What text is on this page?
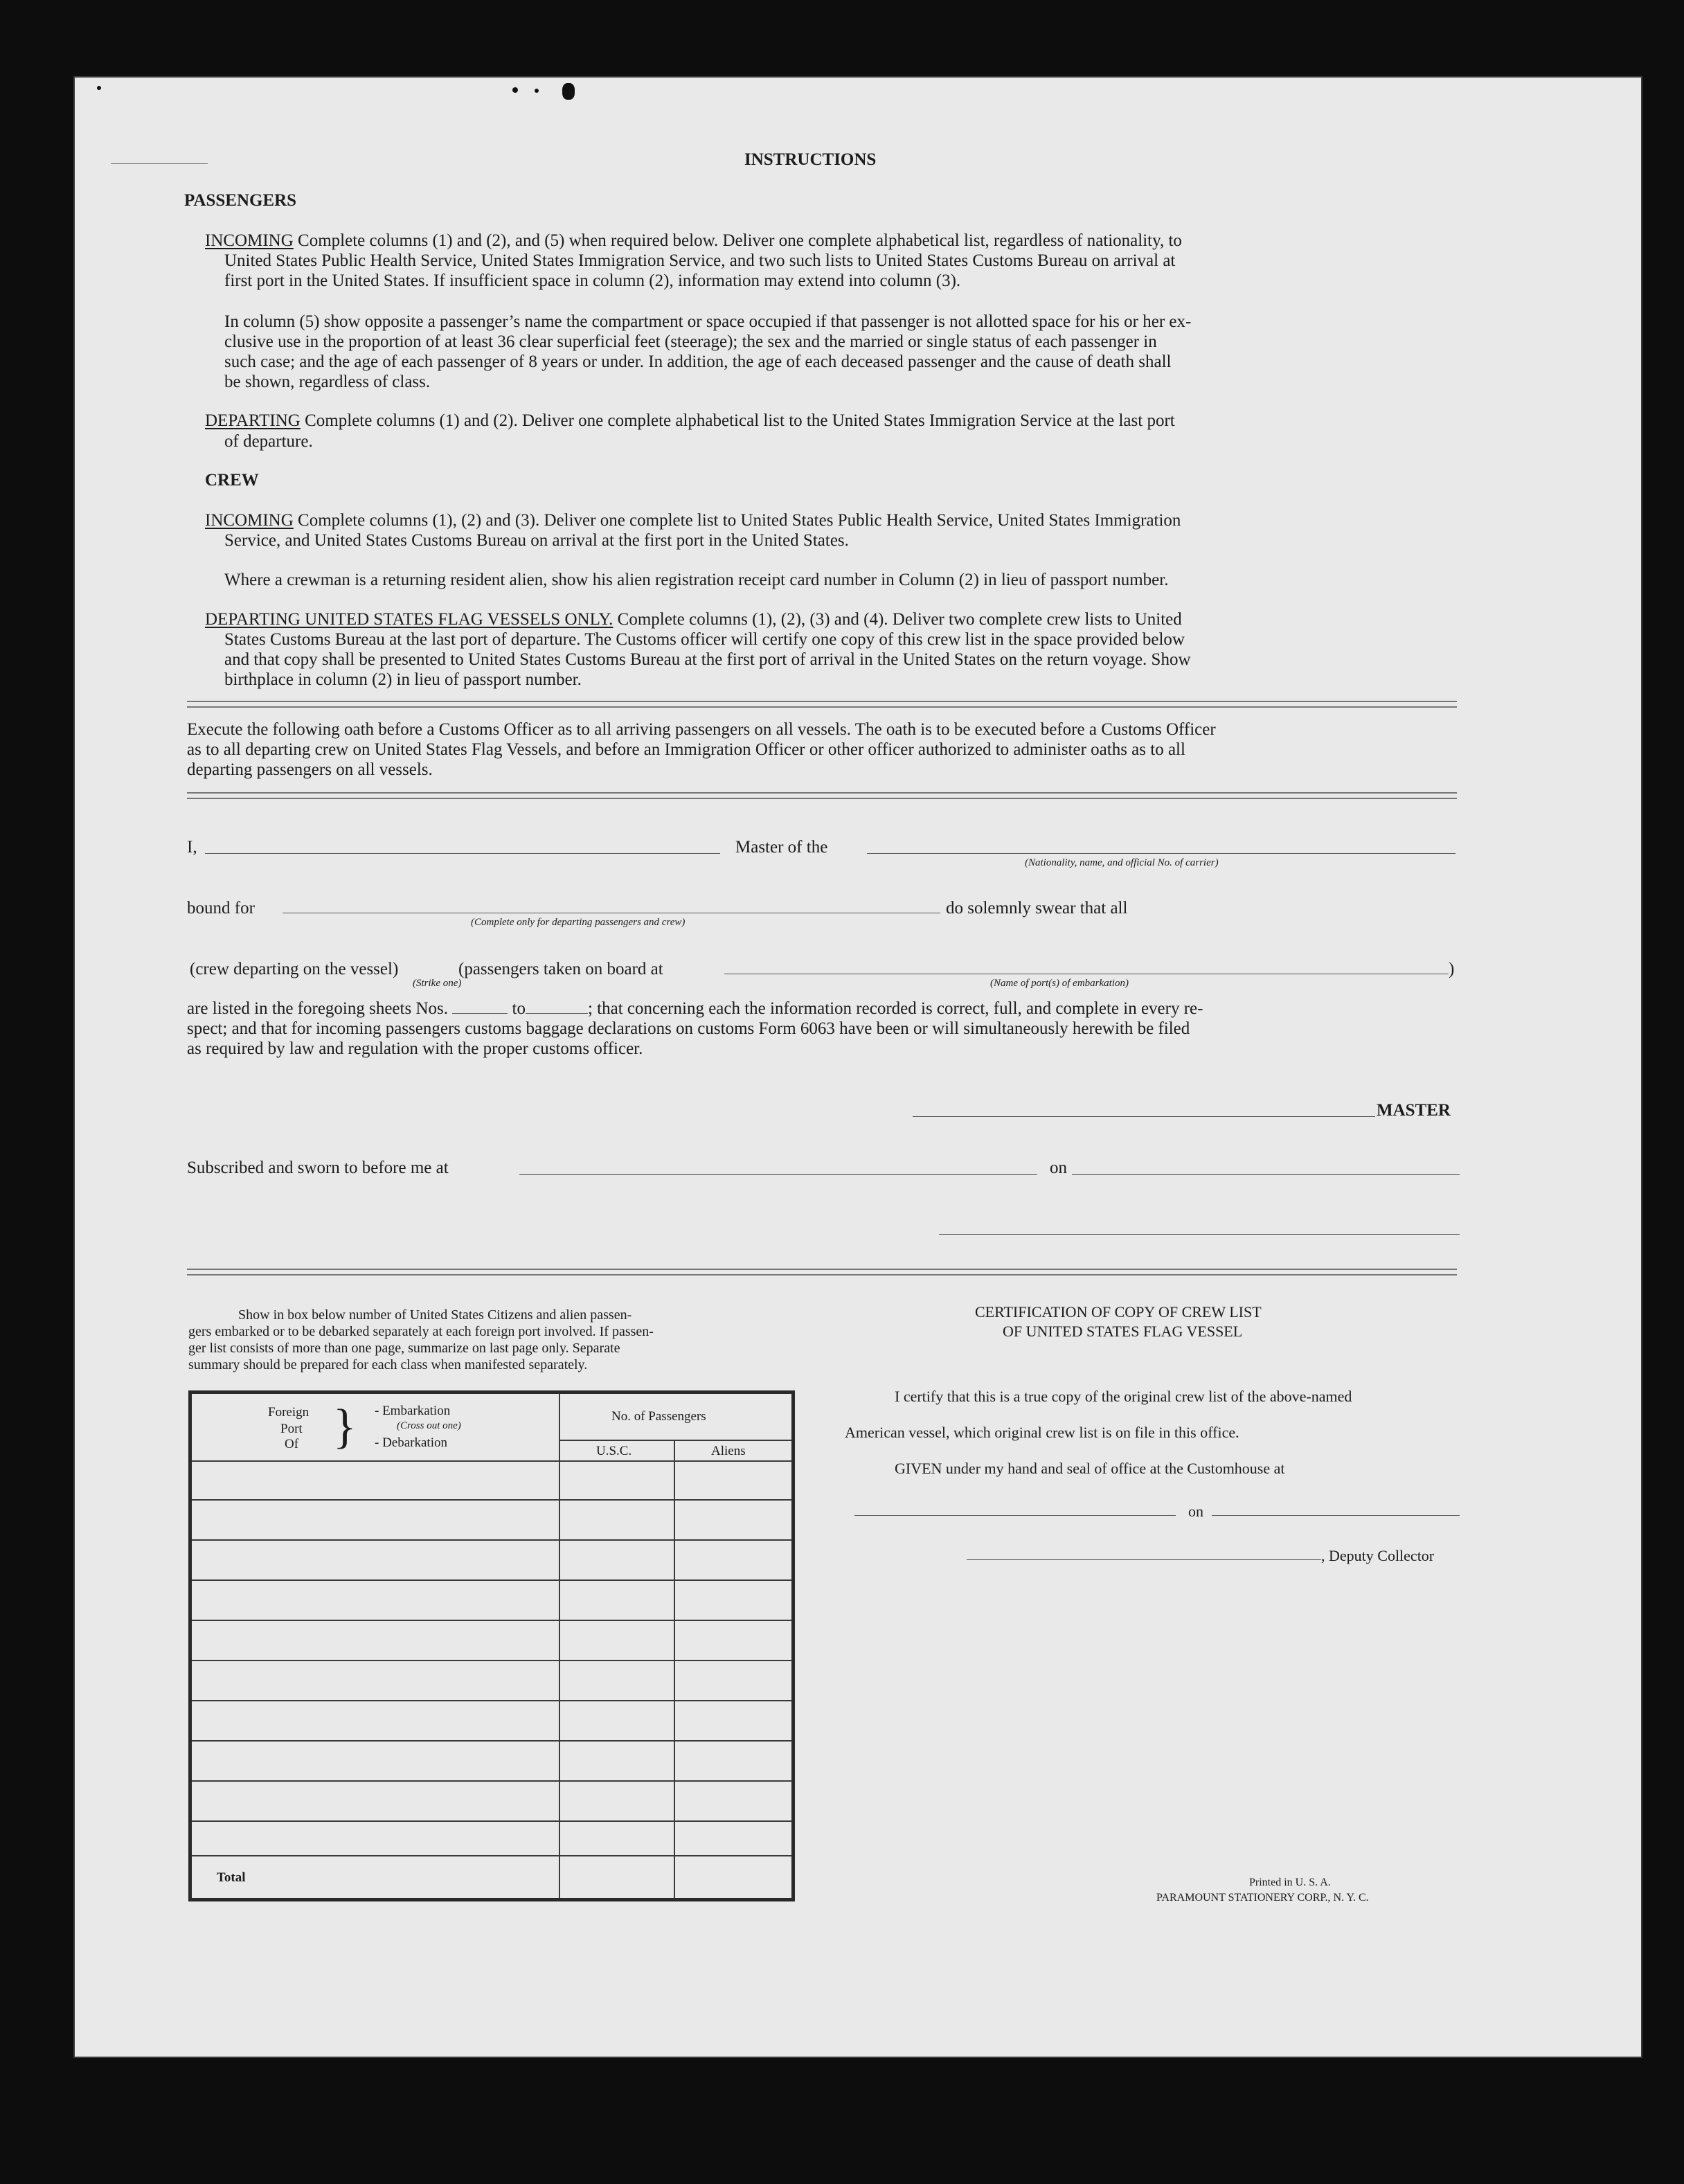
INSTRUCTIONS
PASSENGERS
INCOMING Complete columns (1) and (2), and (5) when required below. Deliver one complete alphabetical list, regardless of nationality, to
United States Public Health Service, United States Immigration Service, and two such lists to United States Customs Bureau on arrival at
first port in the United States. If insufficient space in column (2), information may extend into column (3).
In column (5) show opposite a passenger’s name the compartment or space occupied if that passenger is not allotted space for his or her ex-
clusive use in the proportion of at least 36 clear superficial feet (steerage); the sex and the married or single status of each passenger in
such case; and the age of each passenger of 8 years or under. In addition, the age of each deceased passenger and the cause of death shall
be shown, regardless of class.
DEPARTING Complete columns (1) and (2). Deliver one complete alphabetical list to the United States Immigration Service at the last port
of departure.
CREW
INCOMING Complete columns (1), (2) and (3). Deliver one complete list to United States Public Health Service, United States Immigration
Service, and United States Customs Bureau on arrival at the first port in the United States.
Where a crewman is a returning resident alien, show his alien registration receipt card number in Column (2) in lieu of passport number.
DEPARTING UNITED STATES FLAG VESSELS ONLY. Complete columns (1), (2), (3) and (4). Deliver two complete crew lists to United
States Customs Bureau at the last port of departure. The Customs officer will certify one copy of this crew list in the space provided below
and that copy shall be presented to United States Customs Bureau at the first port of arrival in the United States on the return voyage. Show
birthplace in column (2) in lieu of passport number.
Execute the following oath before a Customs Officer as to all arriving passengers on all vessels. The oath is to be executed before a Customs Officer
as to all departing crew on United States Flag Vessels, and before an Immigration Officer or other officer authorized to administer oaths as to all
departing passengers on all vessels.
I,	Master of the
(Nationality, name, and official No. of carrier)
bound for
(Complete only for departing passengers and crew)
do solemnly swear that all
(crew departing on the vessel)
(Strike one)
(passengers taken on board at
(Name of port(s) of embarkation)
)
are listed in the foregoing sheets Nos.	to	; that concerning each the information recorded is correct, full, and complete in every re-
spect; and that for incoming passengers customs baggage declarations on customs Form 6063 have been or will simultaneously herewith be filed
as required by law and regulation with the proper customs officer.
MASTER
Subscribed and sworn to before me at	on
Show in box below number of United States Citizens and alien passen-
gers embarked or to be debarked separately at each foreign port involved. If passen-
ger list consists of more than one page, summarize on last page only. Separate
summary should be prepared for each class when manifested separately.
Foreign
Port
Of } - Embarkation
(Cross out one)
- Debarkation
No. of Passengers
U.S.C.	Aliens
Total
CERTIFICATION OF COPY OF CREW LIST
OF UNITED STATES FLAG VESSEL
I certify that this is a true copy of the original crew list of the above-named
American vessel, which original crew list is on file in this office.
GIVEN under my hand and seal of office at the Customhouse at
on
, Deputy Collector
Printed in U. S. A.
PARAMOUNT STATIONERY CORP., N. Y. C.
